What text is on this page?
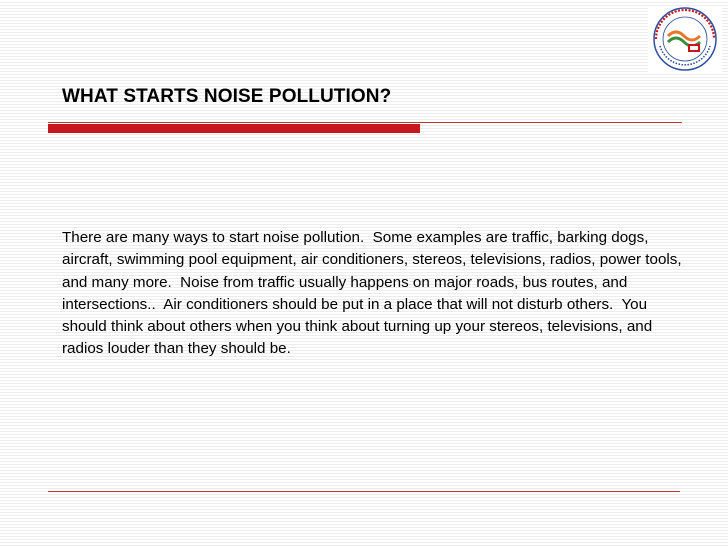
WHAT STARTS NOISE POLLUTION?
There are many ways to start noise pollution.  Some examples are traffic, barking dogs, aircraft, swimming pool equipment, air conditioners, stereos, televisions, radios, power tools, and many more.  Noise from traffic usually happens on major roads, bus routes, and intersections..  Air conditioners should be put in a place that will not disturb others.  You should think about others when you think about turning up your stereos, televisions, and radios louder than they should be.
